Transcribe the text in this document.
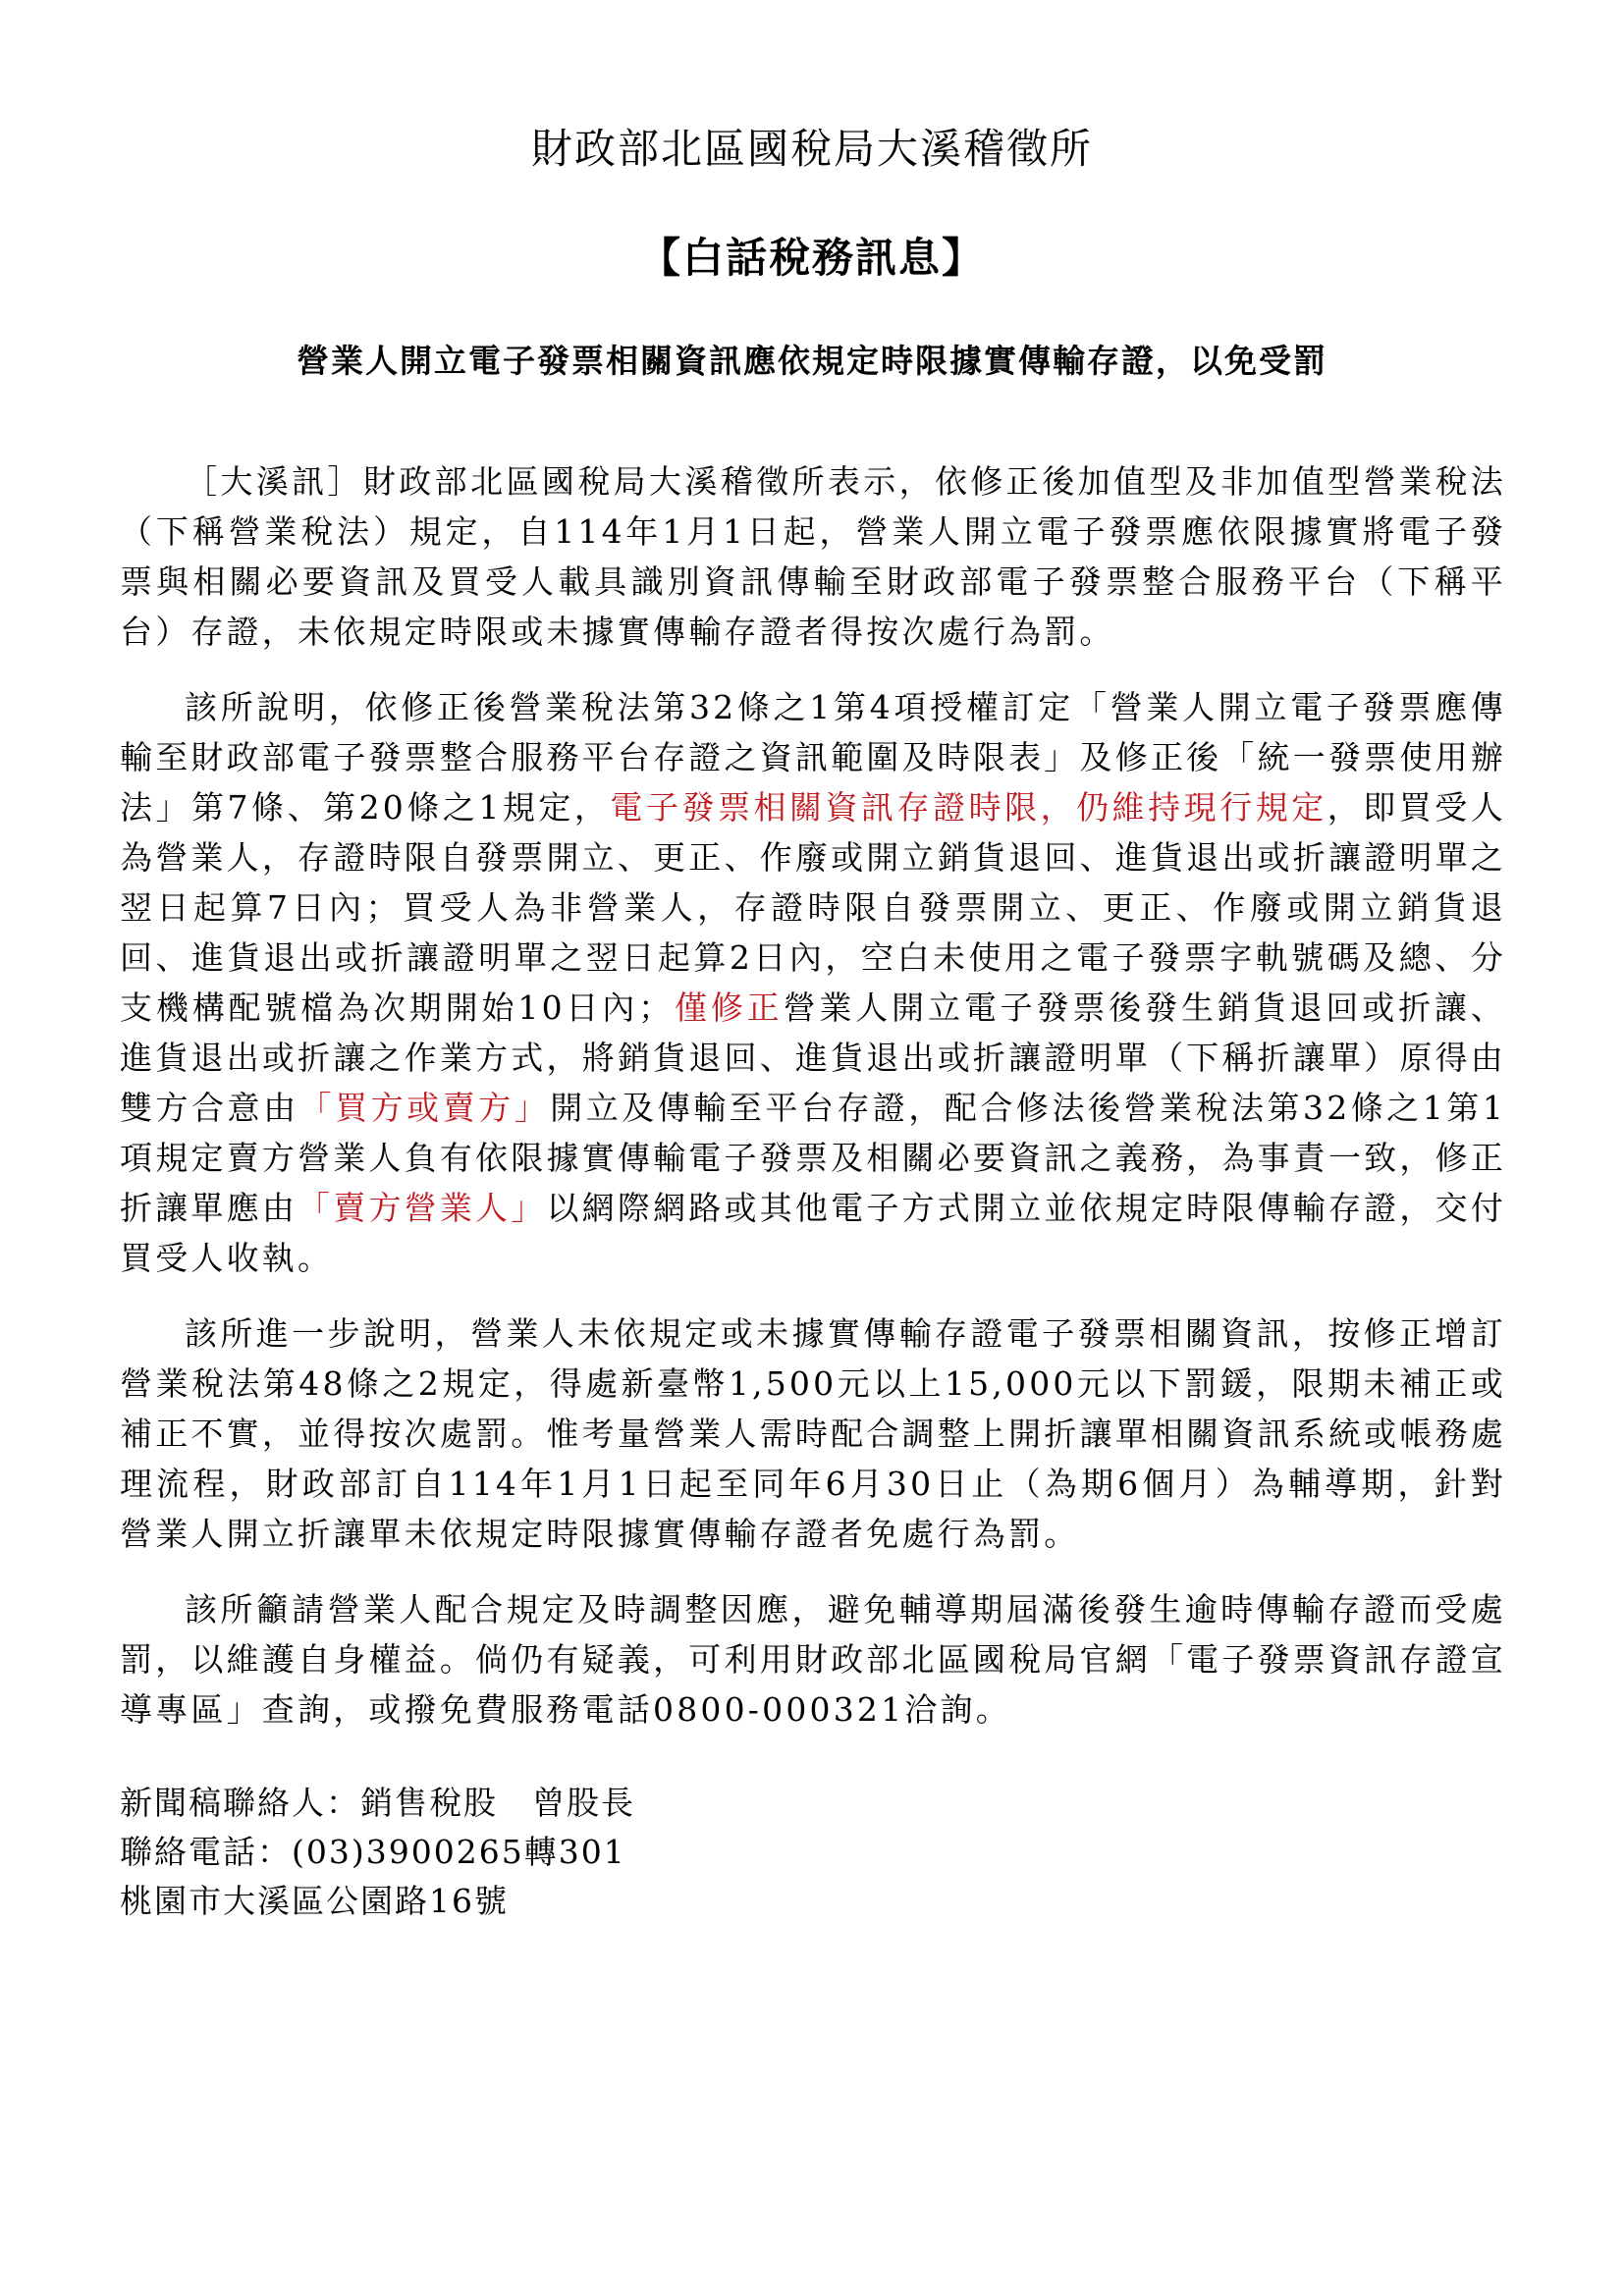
財政部北區國稅局大溪稽徵所
【白話稅務訊息】
營業人開立電子發票相關資訊應依規定時限據實傳輸存證，以免受罰

［大溪訊］財政部北區國稅局大溪稽徵所表示，依修正後加值型及非加值型營業稅法（下稱營業稅法）規定，自114年1月1日起，營業人開立電子發票應依限據實將電子發票與相關必要資訊及買受人載具識別資訊傳輸至財政部電子發票整合服務平台（下稱平台）存證，未依規定時限或未據實傳輸存證者得按次處行為罰。

該所說明，依修正後營業稅法第32條之1第4項授權訂定「營業人開立電子發票應傳輸至財政部電子發票整合服務平台存證之資訊範圍及時限表」及修正後「統一發票使用辦法」第7條、第20條之1規定，電子發票相關資訊存證時限，仍維持現行規定，即買受人為營業人，存證時限自發票開立、更正、作廢或開立銷貨退回、進貨退出或折讓證明單之翌日起算7日內；買受人為非營業人，存證時限自發票開立、更正、作廢或開立銷貨退回、進貨退出或折讓證明單之翌日起算2日內，空白未使用之電子發票字軌號碼及總、分支機構配號檔為次期開始10日內；僅修正營業人開立電子發票後發生銷貨退回或折讓、進貨退出或折讓之作業方式，將銷貨退回、進貨退出或折讓證明單（下稱折讓單）原得由雙方合意由「買方或賣方」開立及傳輸至平台存證，配合修法後營業稅法第32條之1第1項規定賣方營業人負有依限據實傳輸電子發票及相關必要資訊之義務，為事責一致，修正折讓單應由「賣方營業人」以網際網路或其他電子方式開立並依規定時限傳輸存證，交付買受人收執。

該所進一步說明，營業人未依規定或未據實傳輸存證電子發票相關資訊，按修正增訂營業稅法第48條之2規定，得處新臺幣1,500元以上15,000元以下罰鍰，限期未補正或補正不實，並得按次處罰。惟考量營業人需時配合調整上開折讓單相關資訊系統或帳務處理流程，財政部訂自114年1月1日起至同年6月30日止（為期6個月）為輔導期，針對營業人開立折讓單未依規定時限據實傳輸存證者免處行為罰。

該所籲請營業人配合規定及時調整因應，避免輔導期屆滿後發生逾時傳輸存證而受處罰，以維護自身權益。倘仍有疑義，可利用財政部北區國稅局官網「電子發票資訊存證宣導專區」查詢，或撥免費服務電話0800-000321洽詢。

新聞稿聯絡人：銷售稅股　曾股長
聯絡電話：(03)3900265轉301
桃園市大溪區公園路16號
